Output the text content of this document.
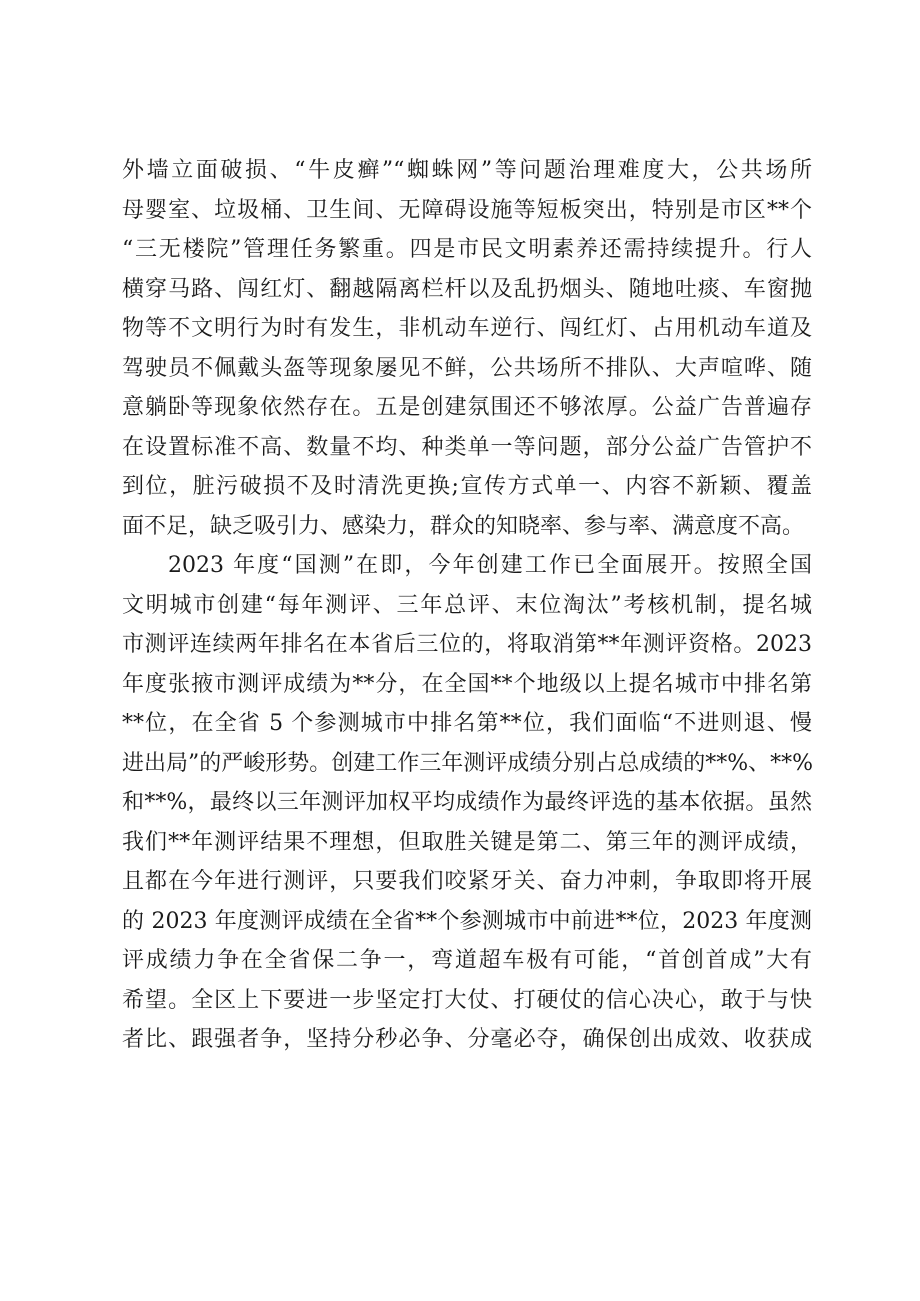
外墙立面破损、“牛皮癣”“蜘蛛网”等问题治理难度大，公共场所
母婴室、垃圾桶、卫生间、无障碍设施等短板突出，特别是市区**个
“三无楼院”管理任务繁重。四是市民文明素养还需持续提升。行人
横穿马路、闯红灯、翻越隔离栏杆以及乱扔烟头、随地吐痰、车窗抛
物等不文明行为时有发生，非机动车逆行、闯红灯、占用机动车道及
驾驶员不佩戴头盔等现象屡见不鲜，公共场所不排队、大声喧哗、随
意躺卧等现象依然存在。五是创建氛围还不够浓厚。公益广告普遍存
在设置标准不高、数量不均、种类单一等问题，部分公益广告管护不
到位，脏污破损不及时清洗更换;宣传方式单一、内容不新颖、覆盖
面不足，缺乏吸引力、感染力，群众的知晓率、参与率、满意度不高。
2023 年度“国测”在即，今年创建工作已全面展开。按照全国
文明城市创建“每年测评、三年总评、末位淘汰”考核机制，提名城
市测评连续两年排名在本省后三位的，将取消第**年测评资格。2023
年度张掖市测评成绩为**分，在全国**个地级以上提名城市中排名第
**位，在全省 5 个参测城市中排名第**位，我们面临“不进则退、慢
进出局”的严峻形势。创建工作三年测评成绩分别占总成绩的**%、**%
和**%，最终以三年测评加权平均成绩作为最终评选的基本依据。虽然
我们**年测评结果不理想，但取胜关键是第二、第三年的测评成绩，
且都在今年进行测评，只要我们咬紧牙关、奋力冲刺，争取即将开展
的 2023 年度测评成绩在全省**个参测城市中前进**位，2023 年度测
评成绩力争在全省保二争一，弯道超车极有可能，“首创首成”大有
希望。全区上下要进一步坚定打大仗、打硬仗的信心决心，敢于与快
者比、跟强者争，坚持分秒必争、分毫必夺，确保创出成效、收获成
